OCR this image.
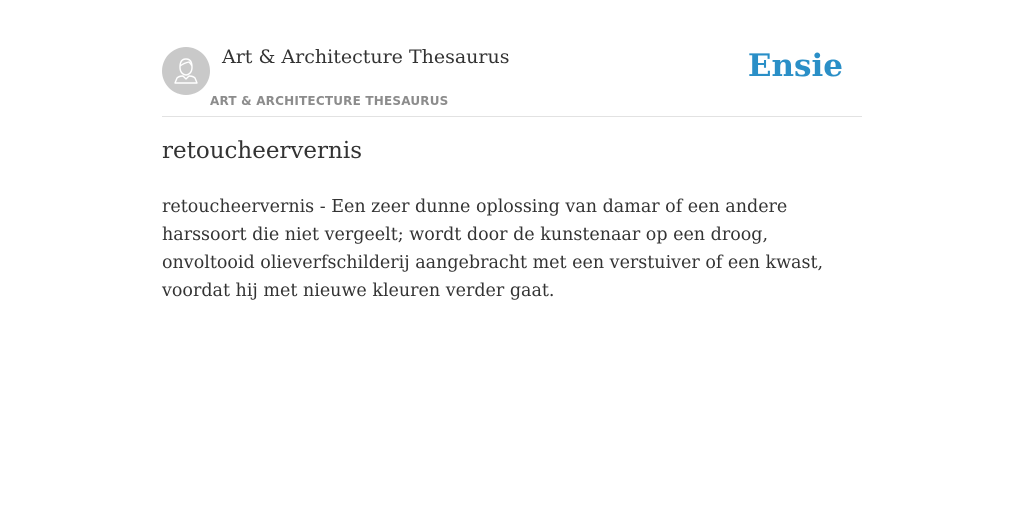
Art & Architecture Thesaurus
ART & ARCHITECTURE THESAURUS
Ensie
retoucheervernis

retoucheervernis - Een zeer dunne oplossing van damar of een andere harssoort die niet vergeelt; wordt door de kunstenaar op een droog, onvoltooid olieverfschilderij aangebracht met een verstuiver of een kwast, voordat hij met nieuwe kleuren verder gaat.
